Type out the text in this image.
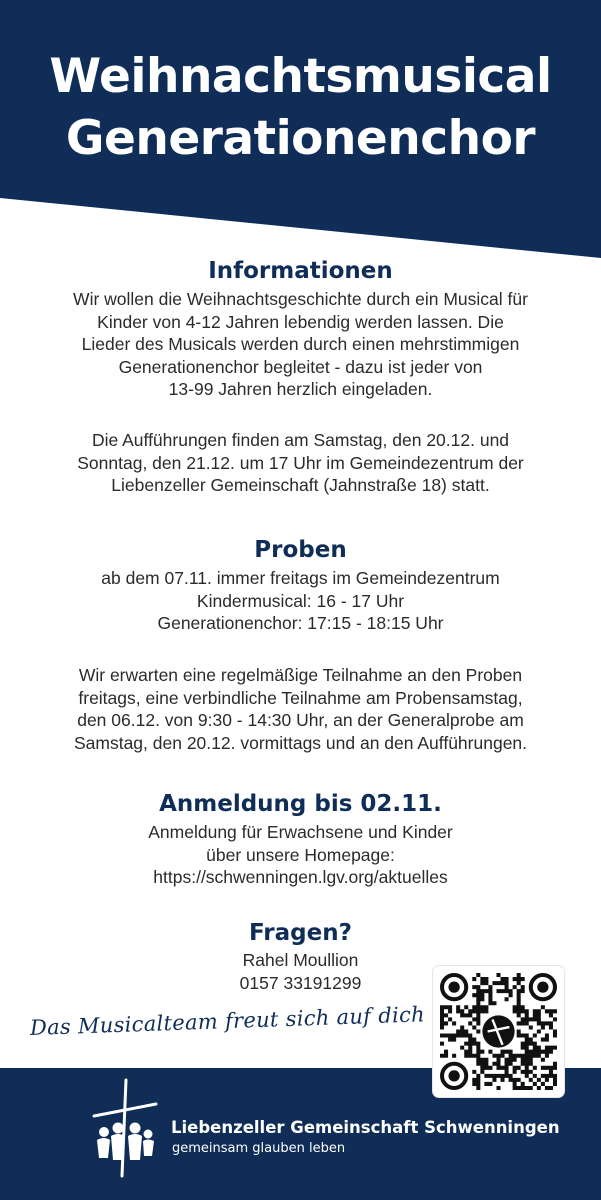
Weihnachtsmusical
Generationenchor
Informationen
Wir wollen die Weihnachtsgeschichte durch ein Musical für
Kinder von 4-12 Jahren lebendig werden lassen. Die
Lieder des Musicals werden durch einen mehrstimmigen
Generationenchor begleitet - dazu ist jeder von
13-99 Jahren herzlich eingeladen.
Die Aufführungen finden am Samstag, den 20.12. und
Sonntag, den 21.12. um 17 Uhr im Gemeindezentrum der
Liebenzeller Gemeinschaft (Jahnstraße 18) statt.
Proben
ab dem 07.11. immer freitags im Gemeindezentrum
Kindermusical: 16 - 17 Uhr
Generationenchor: 17:15 - 18:15 Uhr
Wir erwarten eine regelmäßige Teilnahme an den Proben
freitags, eine verbindliche Teilnahme am Probensamstag,
den 06.12. von 9:30 - 14:30 Uhr, an der Generalprobe am
Samstag, den 20.12. vormittags und an den Aufführungen.
Anmeldung bis 02.11.
Anmeldung für Erwachsene und Kinder
über unsere Homepage:
https://schwenningen.lgv.org/aktuelles
Fragen?
Rahel Moullion
0157 33191299
Das Musicalteam freut sich auf dich
Liebenzeller Gemeinschaft Schwenningen
gemeinsam glauben leben
